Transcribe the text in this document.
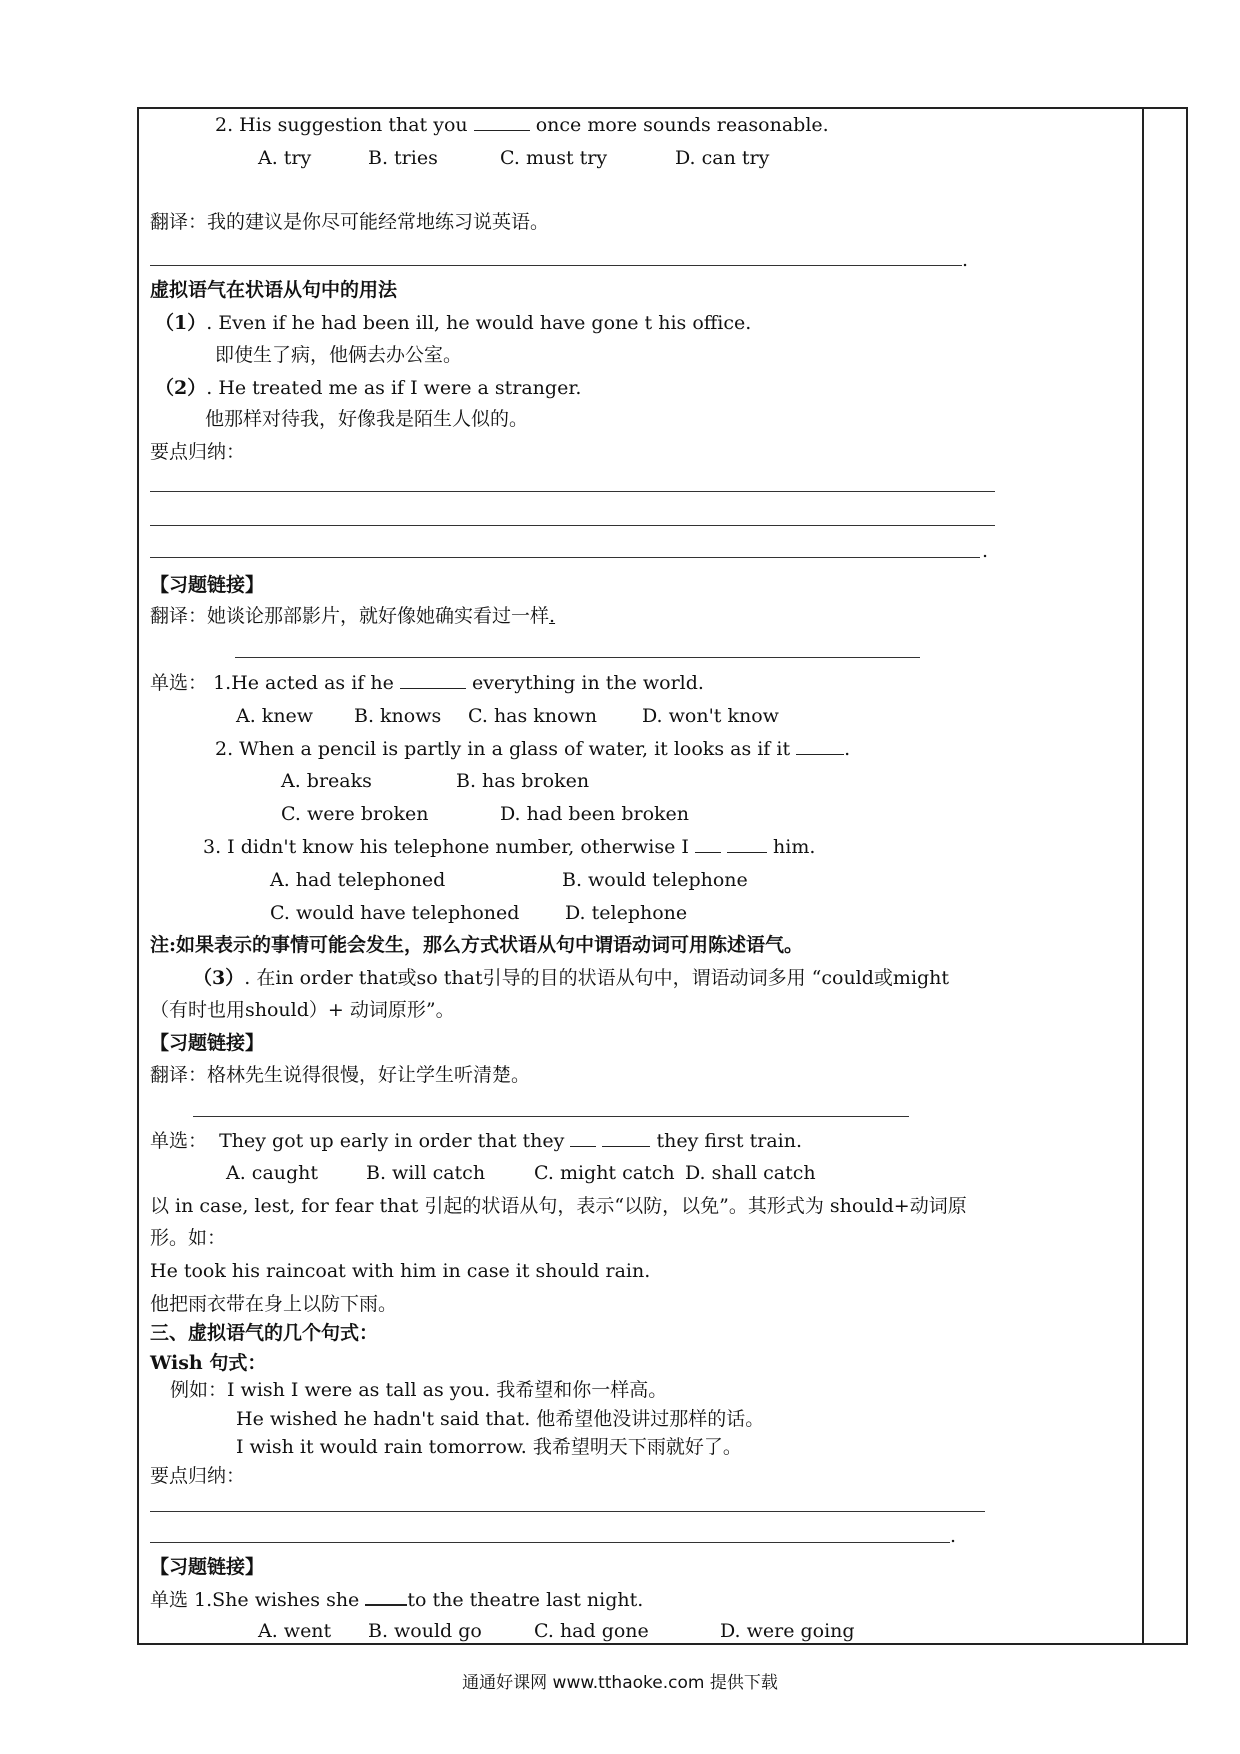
2. His suggestion that you	once more sounds reasonable.
A. try	B. tries	C. must try	D. can try
翻译：我的建议是你尽可能经常地练习说英语。
.
虚拟语气在状语从句中的用法
（1）. Even if he had been ill, he would have gone t his office.
即使生了病，他俩去办公室。
（2）. He treated me as if I were a stranger.
他那样对待我，好像我是陌生人似的。
要点归纳：
.
【习题链接】
翻译：她谈论那部影片，就好像她确实看过一样.
单选： 1.He acted as if he	everything in the world.
A. knew B. knows C. has known D. won't know
2. When a pencil is partly in a glass of water, it looks as if it	.
A. breaks	B. has broken
C. were broken	D. had been broken
3. I didn't know his telephone number, otherwise I	him.
A. had telephoned	B. would telephone
C. would have telephoned D. telephone
注:如果表示的事情可能会发生，那么方式状语从句中谓语动词可用陈述语气。
（3）. 在in order that或so that引导的目的状语从句中，谓语动词多用 “could或might
（有时也用should）+ 动词原形”。
【习题链接】
翻译：格林先生说得很慢，好让学生听清楚。
单选： They got up early in order that they	they first train.
A. caught	B. will catch	C. might catch D. shall catch
以 in case, lest, for fear that 引起的状语从句，表示“以防，以免”。其形式为 should+动词原
形。如：
He took his raincoat with him in case it should rain.
他把雨衣带在身上以防下雨。
三、虚拟语气的几个句式：
Wish 句式：
例如：I wish I were as tall as you. 我希望和你一样高。
He wished he hadn't said that. 他希望他没讲过那样的话。
I wish it would rain tomorrow. 我希望明天下雨就好了。
要点归纳：
.
【习题链接】
单选 1.She wishes she	to the theatre last night.
A. went B. would go	C. had gone	D. were going
通通好课网 www.tthaoke.com 提供下载
